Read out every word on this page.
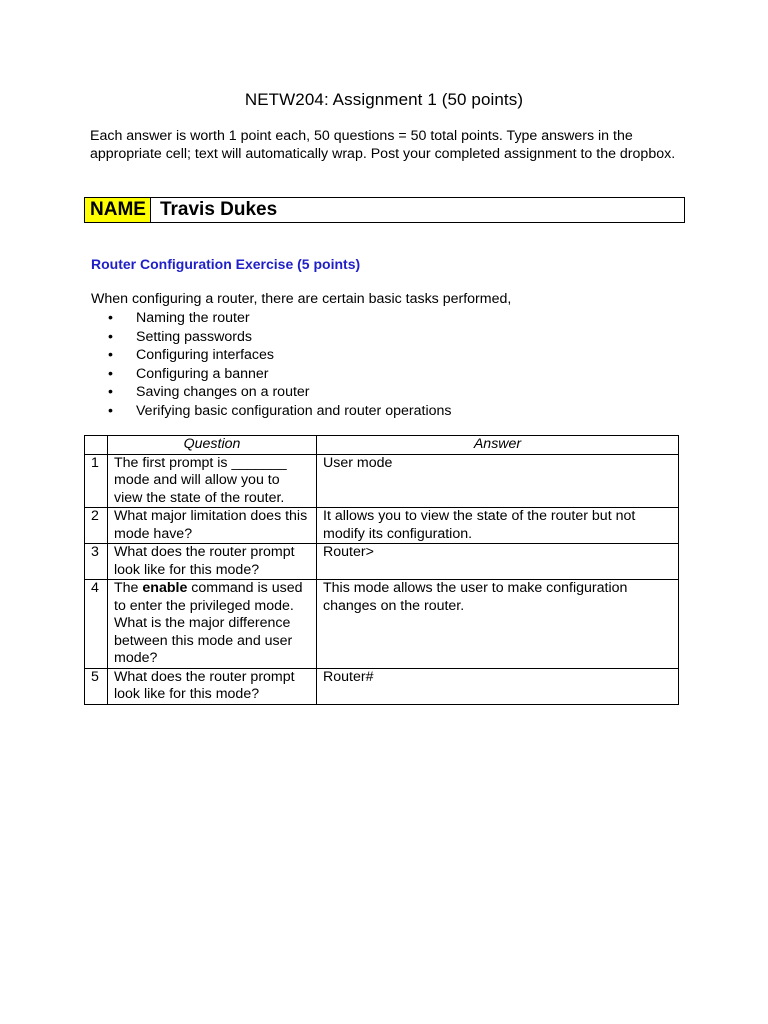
NETW204: Assignment 1 (50 points)
Each answer is worth 1 point each, 50 questions = 50 total points. Type answers in the appropriate cell; text will automatically wrap. Post your completed assignment to the dropbox.
NAME Travis Dukes
Router Configuration Exercise (5 points)
When configuring a router, there are certain basic tasks performed,
•	Naming the router
•	Setting passwords
•	Configuring interfaces
•	Configuring a banner
•	Saving changes on a router
•	Verifying basic configuration and router operations
	Question	Answer
1	The first prompt is _______ mode and will allow you to view the state of the router.	User mode
2	What major limitation does this mode have?	It allows you to view the state of the router but not modify its configuration.
3	What does the router prompt look like for this mode?	Router>
4	The enable command is used to enter the privileged mode. What is the major difference between this mode and user mode?	This mode allows the user to make configuration changes on the router.
5	What does the router prompt look like for this mode?	Router#
